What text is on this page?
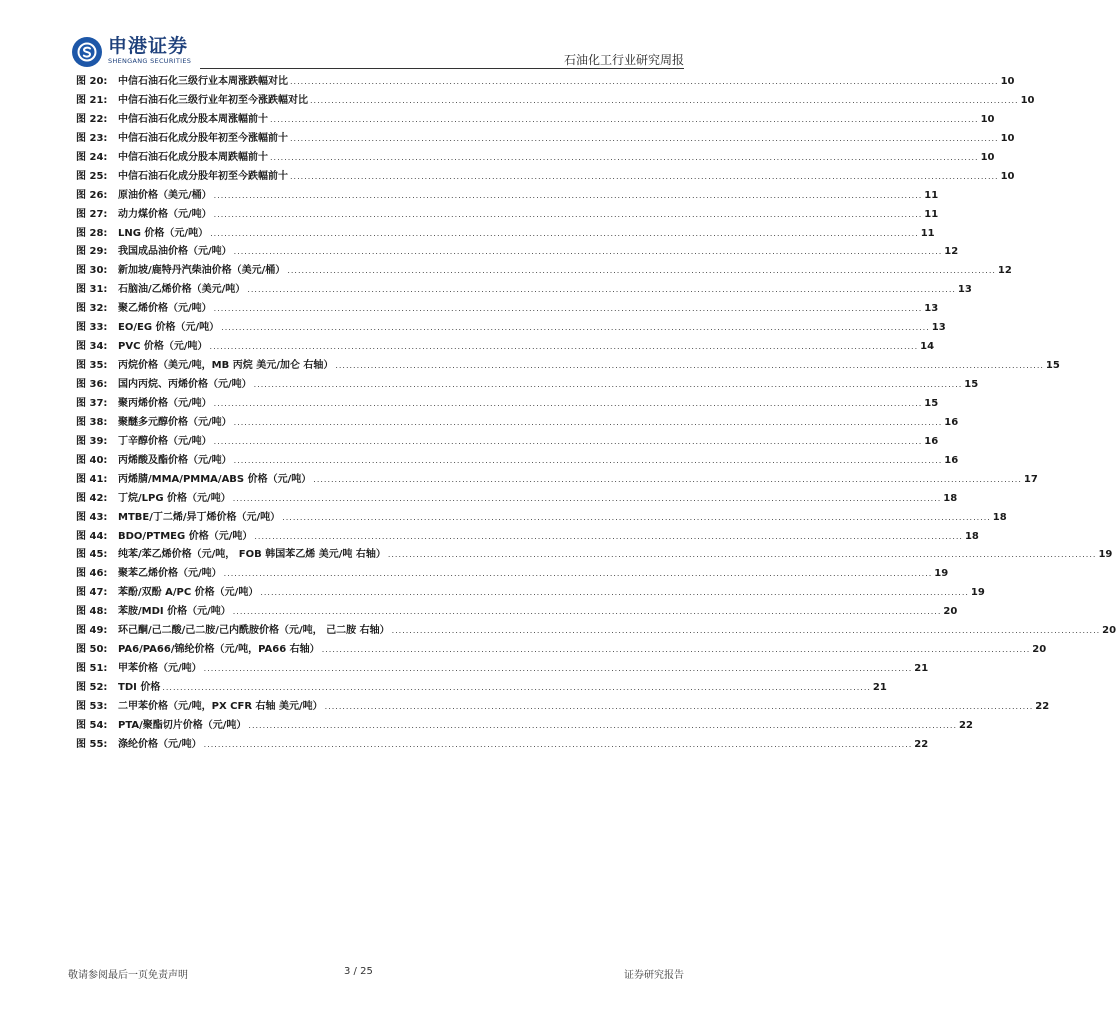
申港证券
SHENGANG SECURITIES	石油化工行业研究周报
图 20:	中信石油石化三级行业本周涨跌幅对比 ........................................................................................................................................................................................................ 10
图 21:	中信石油石化三级行业年初至今涨跌幅对比 ........................................................................................................................................................................................................ 10
图 22:	中信石油石化成分股本周涨幅前十 ........................................................................................................................................................................................................ 10
图 23:	中信石油石化成分股年初至今涨幅前十 ........................................................................................................................................................................................................ 10
图 24:	中信石油石化成分股本周跌幅前十 ........................................................................................................................................................................................................ 10
图 25:	中信石油石化成分股年初至今跌幅前十 ........................................................................................................................................................................................................ 10
图 26:	原油价格（美元/桶） ........................................................................................................................................................................................................ 11
图 27:	动力煤价格（元/吨） ........................................................................................................................................................................................................ 11
图 28:	LNG 价格（元/吨） ........................................................................................................................................................................................................ 11
图 29:	我国成品油价格（元/吨） ........................................................................................................................................................................................................ 12
图 30:	新加坡/鹿特丹汽柴油价格（美元/桶） ........................................................................................................................................................................................................ 12
图 31:	石脑油/乙烯价格（美元/吨） ........................................................................................................................................................................................................ 13
图 32:	聚乙烯价格（元/吨） ........................................................................................................................................................................................................ 13
图 33:	EO/EG 价格（元/吨） ........................................................................................................................................................................................................ 13
图 34:	PVC 价格（元/吨） ........................................................................................................................................................................................................ 14
图 35:	丙烷价格（美元/吨，MB 丙烷 美元/加仑 右轴） ........................................................................................................................................................................................................ 15
图 36:	国内丙烷、丙烯价格（元/吨） ........................................................................................................................................................................................................ 15
图 37:	聚丙烯价格（元/吨） ........................................................................................................................................................................................................ 15
图 38:	聚醚多元醇价格（元/吨） ........................................................................................................................................................................................................ 16
图 39:	丁辛醇价格（元/吨） ........................................................................................................................................................................................................ 16
图 40:	丙烯酸及酯价格（元/吨） ........................................................................................................................................................................................................ 16
图 41:	丙烯腈/MMA/PMMA/ABS 价格（元/吨） ........................................................................................................................................................................................................ 17
图 42:	丁烷/LPG 价格（元/吨） ........................................................................................................................................................................................................ 18
图 43:	MTBE/丁二烯/异丁烯价格（元/吨） ........................................................................................................................................................................................................ 18
图 44:	BDO/PTMEG 价格（元/吨） ........................................................................................................................................................................................................ 18
图 45:	纯苯/苯乙烯价格（元/吨， FOB 韩国苯乙烯 美元/吨 右轴） ........................................................................................................................................................................................................ 19
图 46:	聚苯乙烯价格（元/吨） ........................................................................................................................................................................................................ 19
图 47:	苯酚/双酚 A/PC 价格（元/吨） ........................................................................................................................................................................................................ 19
图 48:	苯胺/MDI 价格（元/吨） ........................................................................................................................................................................................................ 20
图 49:	环己酮/己二酸/己二胺/己内酰胺价格（元/吨， 己二胺 右轴） ........................................................................................................................................................................................................ 20
图 50:	PA6/PA66/锦纶价格（元/吨，PA66 右轴） ........................................................................................................................................................................................................ 20
图 51:	甲苯价格（元/吨） ........................................................................................................................................................................................................ 21
图 52:	TDI 价格 ........................................................................................................................................................................................................ 21
图 53:	二甲苯价格（元/吨，PX CFR 右轴 美元/吨） ........................................................................................................................................................................................................ 22
图 54:	PTA/聚酯切片价格（元/吨） ........................................................................................................................................................................................................ 22
图 55:	涤纶价格（元/吨） ........................................................................................................................................................................................................ 22
敬请参阅最后一页免责声明	3 / 25	证券研究报告
